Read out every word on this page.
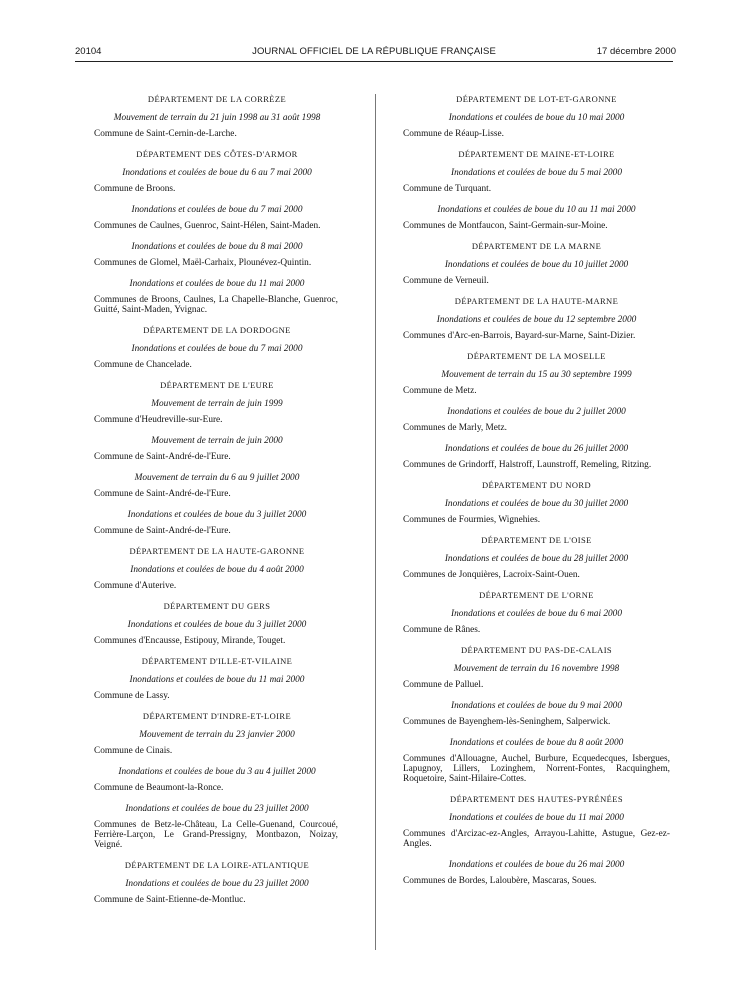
20104	JOURNAL OFFICIEL DE LA RÉPUBLIQUE FRANÇAISE	17 décembre 2000
DÉPARTEMENT DE LA CORRÈZE
Mouvement de terrain du 21 juin 1998 au 31 août 1998
Commune de Saint-Cernin-de-Larche.
DÉPARTEMENT DES CÔTES-D'ARMOR
Inondations et coulées de boue du 6 au 7 mai 2000
Commune de Broons.
Inondations et coulées de boue du 7 mai 2000
Communes de Caulnes, Guenroc, Saint-Hélen, Saint-Maden.
Inondations et coulées de boue du 8 mai 2000
Communes de Glomel, Maël-Carhaix, Plounévez-Quintin.
Inondations et coulées de boue du 11 mai 2000
Communes de Broons, Caulnes, La Chapelle-Blanche, Guenroc, Guitté, Saint-Maden, Yvignac.
DÉPARTEMENT DE LA DORDOGNE
Inondations et coulées de boue du 7 mai 2000
Commune de Chancelade.
DÉPARTEMENT DE L'EURE
Mouvement de terrain de juin 1999
Commune d'Heudreville-sur-Eure.
Mouvement de terrain de juin 2000
Commune de Saint-André-de-l'Eure.
Mouvement de terrain du 6 au 9 juillet 2000
Commune de Saint-André-de-l'Eure.
Inondations et coulées de boue du 3 juillet 2000
Commune de Saint-André-de-l'Eure.
DÉPARTEMENT DE LA HAUTE-GARONNE
Inondations et coulées de boue du 4 août 2000
Commune d'Auterive.
DÉPARTEMENT DU GERS
Inondations et coulées de boue du 3 juillet 2000
Communes d'Encausse, Estipouy, Mirande, Touget.
DÉPARTEMENT D'ILLE-ET-VILAINE
Inondations et coulées de boue du 11 mai 2000
Commune de Lassy.
DÉPARTEMENT D'INDRE-ET-LOIRE
Mouvement de terrain du 23 janvier 2000
Commune de Cinais.
Inondations et coulées de boue du 3 au 4 juillet 2000
Commune de Beaumont-la-Ronce.
Inondations et coulées de boue du 23 juillet 2000
Communes de Betz-le-Château, La Celle-Guenand, Courcoué, Ferrière-Larçon, Le Grand-Pressigny, Montbazon, Noizay, Veigné.
DÉPARTEMENT DE LA LOIRE-ATLANTIQUE
Inondations et coulées de boue du 23 juillet 2000
Commune de Saint-Etienne-de-Montluc.
DÉPARTEMENT DE LOT-ET-GARONNE
Inondations et coulées de boue du 10 mai 2000
Commune de Réaup-Lisse.
DÉPARTEMENT DE MAINE-ET-LOIRE
Inondations et coulées de boue du 5 mai 2000
Commune de Turquant.
Inondations et coulées de boue du 10 au 11 mai 2000
Communes de Montfaucon, Saint-Germain-sur-Moine.
DÉPARTEMENT DE LA MARNE
Inondations et coulées de boue du 10 juillet 2000
Commune de Verneuil.
DÉPARTEMENT DE LA HAUTE-MARNE
Inondations et coulées de boue du 12 septembre 2000
Communes d'Arc-en-Barrois, Bayard-sur-Marne, Saint-Dizier.
DÉPARTEMENT DE LA MOSELLE
Mouvement de terrain du 15 au 30 septembre 1999
Commune de Metz.
Inondations et coulées de boue du 2 juillet 2000
Communes de Marly, Metz.
Inondations et coulées de boue du 26 juillet 2000
Communes de Grindorff, Halstroff, Launstroff, Remeling, Ritzing.
DÉPARTEMENT DU NORD
Inondations et coulées de boue du 30 juillet 2000
Communes de Fourmies, Wignehies.
DÉPARTEMENT DE L'OISE
Inondations et coulées de boue du 28 juillet 2000
Communes de Jonquières, Lacroix-Saint-Ouen.
DÉPARTEMENT DE L'ORNE
Inondations et coulées de boue du 6 mai 2000
Commune de Rânes.
DÉPARTEMENT DU PAS-DE-CALAIS
Mouvement de terrain du 16 novembre 1998
Commune de Palluel.
Inondations et coulées de boue du 9 mai 2000
Communes de Bayenghem-lès-Seninghem, Salperwick.
Inondations et coulées de boue du 8 août 2000
Communes d'Allouagne, Auchel, Burbure, Ecquedecques, Isbergues, Lapugnoy, Lillers, Lozinghem, Norrent-Fontes, Racquinghem, Roquetoire, Saint-Hilaire-Cottes.
DÉPARTEMENT DES HAUTES-PYRÉNÉES
Inondations et coulées de boue du 11 mai 2000
Communes d'Arcizac-ez-Angles, Arrayou-Lahitte, Astugue, Gez-ez-Angles.
Inondations et coulées de boue du 26 mai 2000
Communes de Bordes, Laloubère, Mascaras, Soues.
